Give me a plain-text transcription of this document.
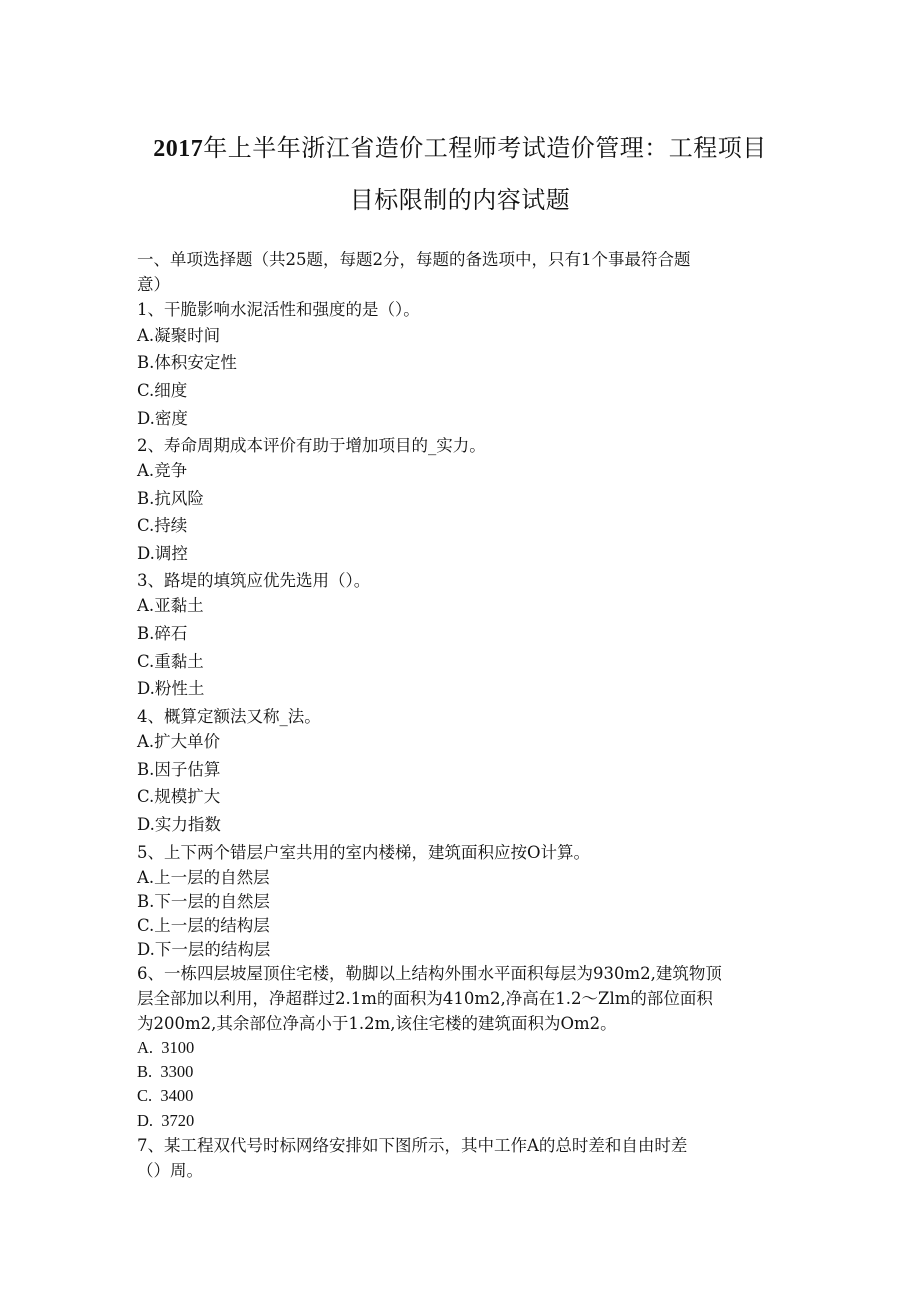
2017年上半年浙江省造价工程师考试造价管理：工程项目
目标限制的内容试题
一、单项选择题（共25题，每题2分，每题的备选项中，只有1个事最符合题
意）
1、干脆影响水泥活性和强度的是（）。
A.凝聚时间
B.体积安定性
C.细度
D.密度
2、寿命周期成本评价有助于增加项目的_实力。
A.竞争
B.抗风险
C.持续
D.调控
3、路堤的填筑应优先选用（）。
A.亚黏土
B.碎石
C.重黏土
D.粉性土
4、概算定额法又称_法。
A.扩大单价
B.因子估算
C.规模扩大
D.实力指数
5、上下两个错层户室共用的室内楼梯，建筑面积应按O计算。
A.上一层的自然层
B.下一层的自然层
C.上一层的结构层
D.下一层的结构层
6、一栋四层坡屋顶住宅楼，勒脚以上结构外围水平面积每层为930m2,建筑物顶
层全部加以利用，净超群过2.1m的面积为410m2,净高在1.2～Zlm的部位面积
为200m2,其余部位净高小于1.2m,该住宅楼的建筑面积为Om2。
A.  3100
B.  3300
C.  3400
D.  3720
7、某工程双代号时标网络安排如下图所示，其中工作A的总时差和自由时差
（）周。
